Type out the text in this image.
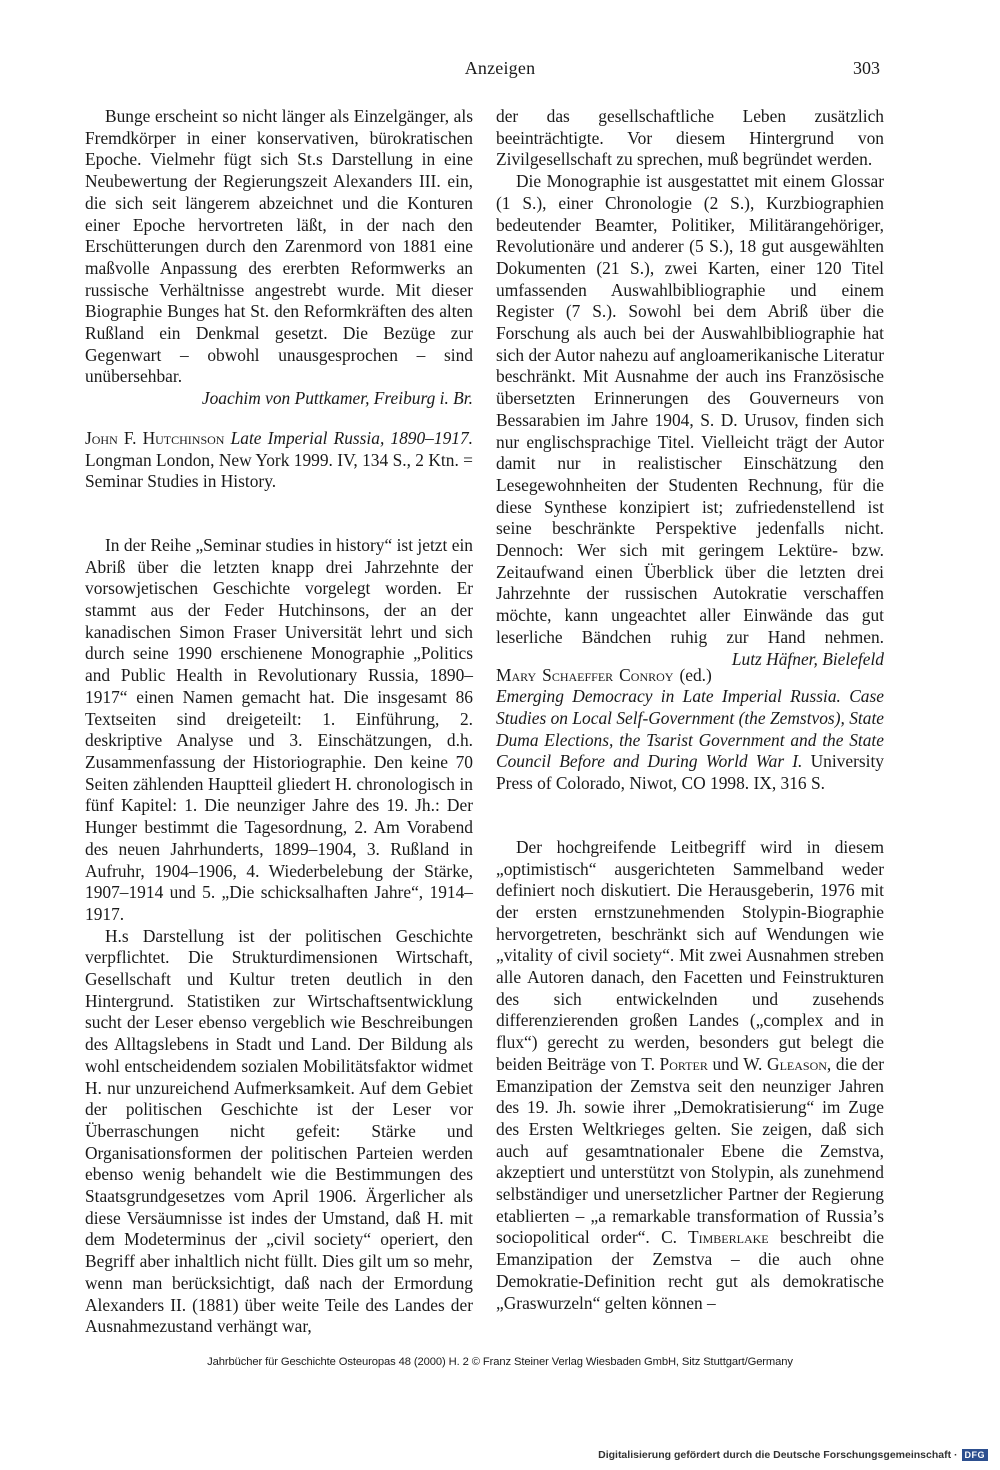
Anzeigen	303

Bunge erscheint so nicht länger als Einzelgänger, als Fremdkörper in einer konservativen, bürokratischen Epoche. Vielmehr fügt sich St.s Darstellung in eine Neubewertung der Regierungszeit Alexanders III. ein, die sich seit längerem abzeichnet und die Konturen einer Epoche hervortreten läßt, in der nach den Erschütterungen durch den Zarenmord von 1881 eine maßvolle Anpassung des ererbten Reformwerks an russische Verhältnisse angestrebt wurde. Mit dieser Biographie Bunges hat St. den Reformkräften des alten Rußland ein Denkmal gesetzt. Die Bezüge zur Gegenwart – obwohl unausgesprochen – sind unübersehbar.

Joachim von Puttkamer, Freiburg i. Br.

John F. Hutchinson Late Imperial Russia, 1890–1917. Longman London, New York 1999. IV, 134 S., 2 Ktn. = Seminar Studies in History.

In der Reihe „Seminar studies in history“ ist jetzt ein Abriß über die letzten knapp drei Jahrzehnte der vorsowjetischen Geschichte vorgelegt worden. Er stammt aus der Feder Hutchinsons, der an der kanadischen Simon Fraser Universität lehrt und sich durch seine 1990 erschienene Monographie „Politics and Public Health in Revolutionary Russia, 1890–1917“ einen Namen gemacht hat. Die insgesamt 86 Textseiten sind dreigeteilt: 1. Einführung, 2. deskriptive Analyse und 3. Einschätzungen, d.h. Zusammenfassung der Historiographie. Den keine 70 Seiten zählenden Hauptteil gliedert H. chronologisch in fünf Kapitel: 1. Die neunziger Jahre des 19. Jh.: Der Hunger bestimmt die Tagesordnung, 2. Am Vorabend des neuen Jahrhunderts, 1899–1904, 3. Rußland in Aufruhr, 1904–1906, 4. Wiederbelebung der Stärke, 1907–1914 und 5. „Die schicksalhaften Jahre“, 1914–1917.

H.s Darstellung ist der politischen Geschichte verpflichtet. Die Strukturdimensionen Wirtschaft, Gesellschaft und Kultur treten deutlich in den Hintergrund. Statistiken zur Wirtschaftsentwicklung sucht der Leser ebenso vergeblich wie Beschreibungen des Alltagslebens in Stadt und Land. Der Bildung als wohl entscheidendem sozialen Mobilitätsfaktor widmet H. nur unzureichend Aufmerksamkeit. Auf dem Gebiet der politischen Geschichte ist der Leser vor Überraschungen nicht gefeit: Stärke und Organisationsformen der politischen Parteien werden ebenso wenig behandelt wie die Bestimmungen des Staatsgrundgesetzes vom April 1906. Ärgerlicher als diese Versäumnisse ist indes der Umstand, daß H. mit dem Modeterminus der „civil society“ operiert, den Begriff aber inhaltlich nicht füllt. Dies gilt um so mehr, wenn man berücksichtigt, daß nach der Ermordung Alexanders II. (1881) über weite Teile des Landes der Ausnahmezustand verhängt war,

der das gesellschaftliche Leben zusätzlich beeinträchtigte. Vor diesem Hintergrund von Zivilgesellschaft zu sprechen, muß begründet werden.

Die Monographie ist ausgestattet mit einem Glossar (1 S.), einer Chronologie (2 S.), Kurzbiographien bedeutender Beamter, Politiker, Militärangehöriger, Revolutionäre und anderer (5 S.), 18 gut ausgewählten Dokumenten (21 S.), zwei Karten, einer 120 Titel umfassenden Auswahlbibliographie und einem Register (7 S.). Sowohl bei dem Abriß über die Forschung als auch bei der Auswahlbibliographie hat sich der Autor nahezu auf angloamerikanische Literatur beschränkt. Mit Ausnahme der auch ins Französische übersetzten Erinnerungen des Gouverneurs von Bessarabien im Jahre 1904, S. D. Urusov, finden sich nur englischsprachige Titel. Vielleicht trägt der Autor damit nur in realistischer Einschätzung den Lesegewohnheiten der Studenten Rechnung, für die diese Synthese konzipiert ist; zufriedenstellend ist seine beschränkte Perspektive jedenfalls nicht. Dennoch: Wer sich mit geringem Lektüre- bzw. Zeitaufwand einen Überblick über die letzten drei Jahrzehnte der russischen Autokratie verschaffen möchte, kann ungeachtet aller Einwände das gut leserliche Bändchen ruhig zur Hand nehmen.
Lutz Häfner, Bielefeld

Mary Schaeffer Conroy (ed.) Emerging Democracy in Late Imperial Russia. Case Studies on Local Self-Government (the Zemstvos), State Duma Elections, the Tsarist Government and the State Council Before and During World War I. University Press of Colorado, Niwot, CO 1998. IX, 316 S.

Der hochgreifende Leitbegriff wird in diesem „optimistisch“ ausgerichteten Sammelband weder definiert noch diskutiert. Die Herausgeberin, 1976 mit der ersten ernstzunehmenden Stolypin-Biographie hervorgetreten, beschränkt sich auf Wendungen wie „vitality of civil society“. Mit zwei Ausnahmen streben alle Autoren danach, den Facetten und Feinstrukturen des sich entwickelnden und zusehends differenzierenden großen Landes („complex and in flux“) gerecht zu werden, besonders gut belegt die beiden Beiträge von T. Porter und W. Gleason, die der Emanzipation der Zemstva seit den neunziger Jahren des 19. Jh. sowie ihrer „Demokratisierung“ im Zuge des Ersten Weltkrieges gelten. Sie zeigen, daß sich auch auf gesamtnationaler Ebene die Zemstva, akzeptiert und unterstützt von Stolypin, als zunehmend selbständiger und unersetzlicher Partner der Regierung etablierten – „a remarkable transformation of Russia’s sociopolitical order“. C. Timberlake beschreibt die Emanzipation der Zemstva – die auch ohne Demokratie-Definition recht gut als demokratische „Graswurzeln“ gelten können –

Jahrbücher für Geschichte Osteuropas 48 (2000) H. 2 © Franz Steiner Verlag Wiesbaden GmbH, Sitz Stuttgart/Germany
Digitalisierung gefördert durch die Deutsche Forschungsgemeinschaft · DFG
